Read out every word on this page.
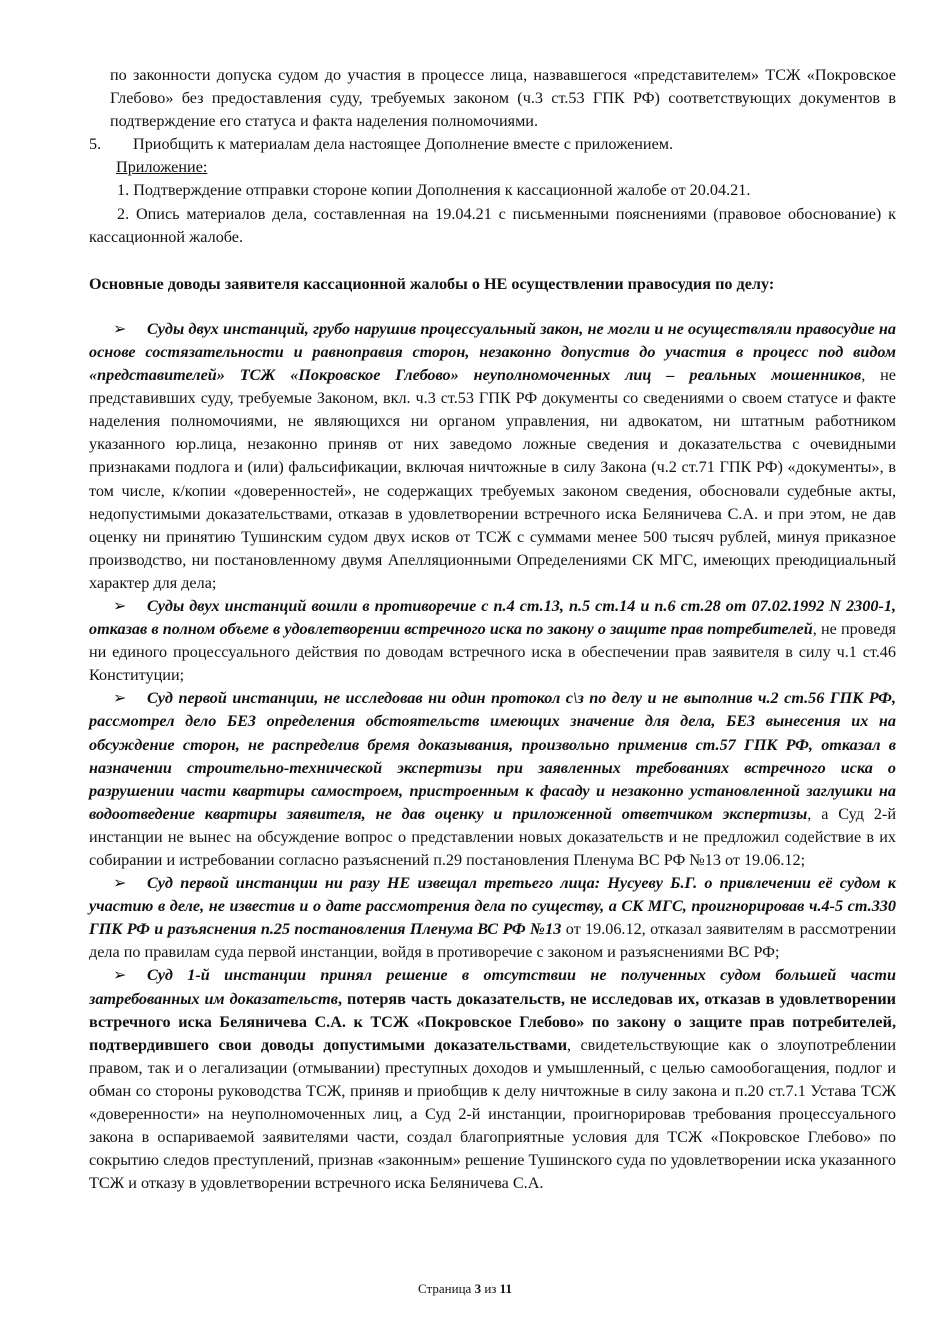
по законности допуска судом до участия в процессе лица, назвавшегося «представителем» ТСЖ «Покровское Глебово» без предоставления суду, требуемых законом (ч.3 ст.53 ГПК РФ) соответствующих документов в подтверждение его статуса и факта наделения полномочиями.

5. Приобщить к материалам дела настоящее Дополнение вместе с приложением.

Приложение:

1. Подтверждение отправки стороне копии Дополнения к кассационной жалобе от 20.04.21.

2. Опись материалов дела, составленная на 19.04.21 с письменными пояснениями (правовое обоснование) к кассационной жалобе.

Основные доводы заявителя кассационной жалобы о НЕ осуществлении правосудия по делу:

➢ Суды двух инстанций, грубо нарушив процессуальный закон, не могли и не осуществляли правосудие на основе состязательности и равноправия сторон, незаконно допустив до участия в процесс под видом «представителей» ТСЖ «Покровское Глебово» неуполномоченных лиц – реальных мошенников, не представивших суду, требуемые Законом, вкл. ч.3 ст.53 ГПК РФ документы со сведениями о своем статусе и факте наделения полномочиями, не являющихся ни органом управления, ни адвокатом, ни штатным работником указанного юр.лица, незаконно приняв от них заведомо ложные сведения и доказательства с очевидными признаками подлога и (или) фальсификации, включая ничтожные в силу Закона (ч.2 ст.71 ГПК РФ) «документы», в том числе, к/копии «доверенностей», не содержащих требуемых законом сведения, обосновали судебные акты, недопустимыми доказательствами, отказав в удовлетворении встречного иска Беляничева С.А. и при этом, не дав оценку ни принятию Тушинским судом двух исков от ТСЖ с суммами менее 500 тысяч рублей, минуя приказное производство, ни постановленному двумя Апелляционными Определениями СК МГС, имеющих преюдициальный характер для дела;

➢ Суды двух инстанций вошли в противоречие с п.4 ст.13, п.5 ст.14 и п.6 ст.28 от 07.02.1992 N 2300-1, отказав в полном объеме в удовлетворении встречного иска по закону о защите прав потребителей, не проведя ни единого процессуального действия по доводам встречного иска в обеспечении прав заявителя в силу ч.1 ст.46 Конституции;

➢ Суд первой инстанции, не исследовав ни один протокол с\з по делу и не выполнив ч.2 ст.56 ГПК РФ, рассмотрел дело БЕЗ определения обстоятельств имеющих значение для дела, БЕЗ вынесения их на обсуждение сторон, не распределив бремя доказывания, произвольно применив ст.57 ГПК РФ, отказал в назначении строительно-технической экспертизы при заявленных требованиях встречного иска о разрушении части квартиры самостроем, пристроенным к фасаду и незаконно установленной заглушки на водоотведение квартиры заявителя, не дав оценку и приложенной ответчиком экспертизы, а Суд 2-й инстанции не вынес на обсуждение вопрос о представлении новых доказательств и не предложил содействие в их собирании и истребовании согласно разъяснений п.29 постановления Пленума ВС РФ №13 от 19.06.12;

➢ Суд первой инстанции ни разу НЕ извещал третьего лица: Нусуеву Б.Г. о привлечении её судом к участию в деле, не известив и о дате рассмотрения дела по существу, а СК МГС, проигнорировав ч.4-5 ст.330 ГПК РФ и разъяснения п.25 постановления Пленума ВС РФ №13 от 19.06.12, отказал заявителям в рассмотрении дела по правилам суда первой инстанции, войдя в противоречие с законом и разъяснениями ВС РФ;

➢ Суд 1-й инстанции принял решение в отсутствии не полученных судом большей части затребованных им доказательств, потеряв часть доказательств, не исследовав их, отказав в удовлетворении встречного иска Беляничева С.А. к ТСЖ «Покровское Глебово» по закону о защите прав потребителей, подтвердившего свои доводы допустимыми доказательствами, свидетельствующие как о злоупотреблении правом, так и о легализации (отмывании) преступных доходов и умышленный, с целью самообогащения, подлог и обман со стороны руководства ТСЖ, приняв и приобщив к делу ничтожные в силу закона и п.20 ст.7.1 Устава ТСЖ «доверенности» на неуполномоченных лиц, а Суд 2-й инстанции, проигнорировав требования процессуального закона в оспариваемой заявителями части, создал благоприятные условия для ТСЖ «Покровское Глебово» по сокрытию следов преступлений, признав «законным» решение Тушинского суда по удовлетворении иска указанного ТСЖ и отказу в удовлетворении встречного иска Беляничева С.А.

Страница 3 из 11
